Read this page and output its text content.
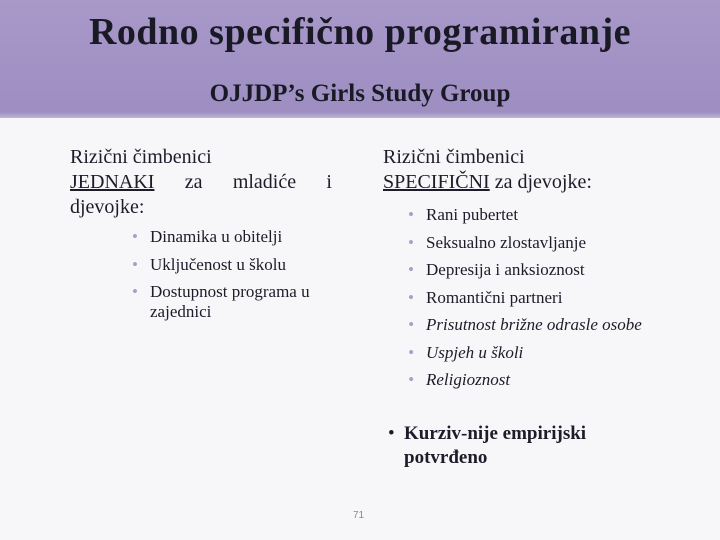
Rodno specifično programiranje
OJJDP’s Girls Study Group

Rizični čimbenici
JEDNAKI za mladiće i djevojke:

• Dinamika u obitelji
• Uključenost u školu
• Dostupnost programa u zajednici

Rizični čimbenici
SPECIFIČNI za djevojke:

• Rani pubertet
• Seksualno zlostavljanje
• Depresija i anksioznost
• Romantični partneri
• Prisutnost brižne odrasle osobe
• Uspjeh u školi
• Religioznost

• Kurziv-nije empirijski potvrđeno

71
